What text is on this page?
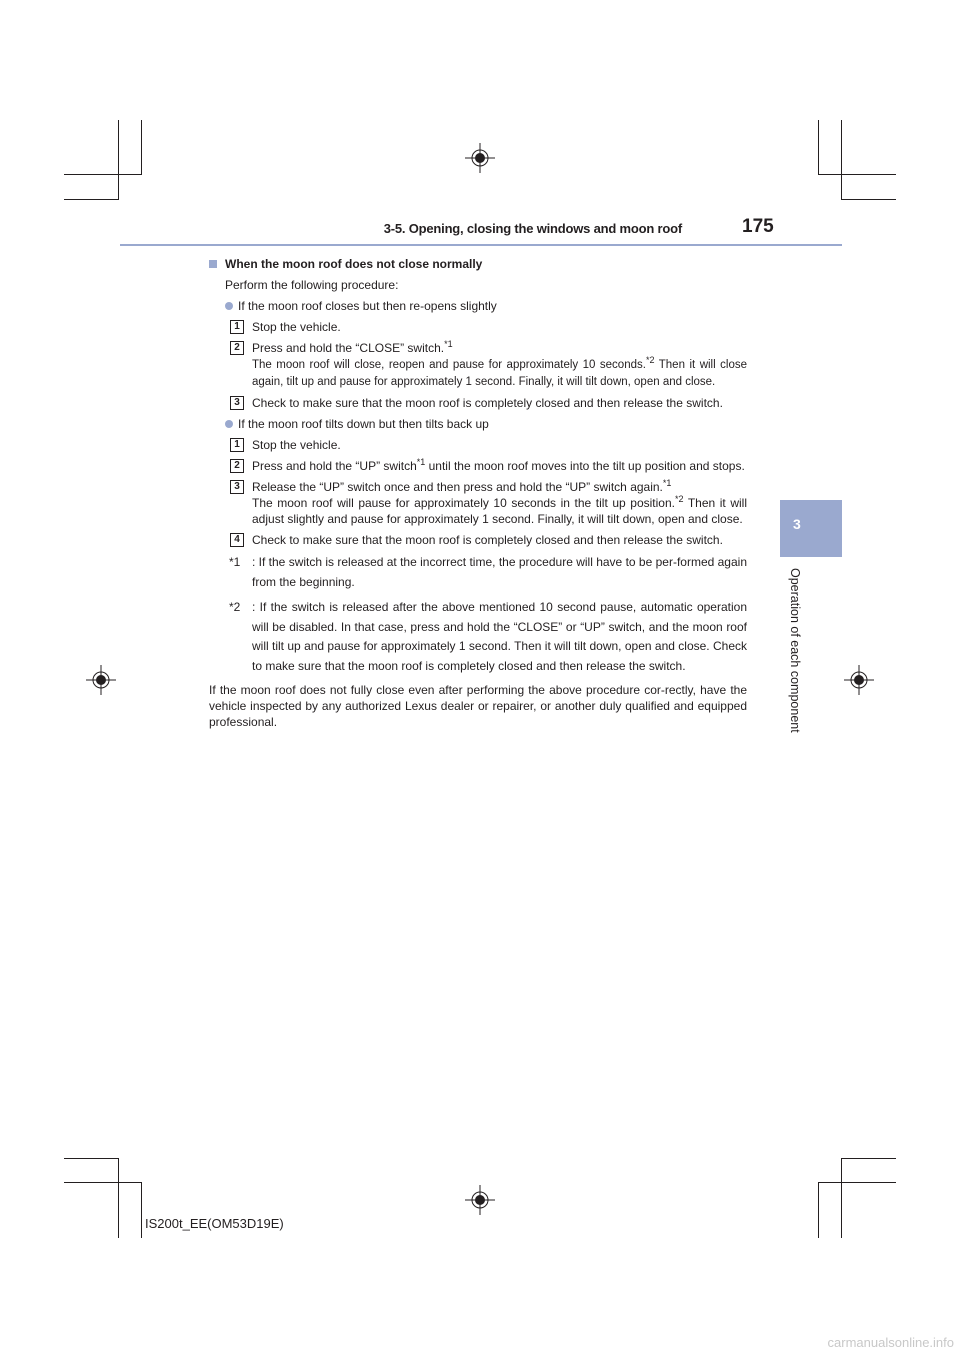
3-5. Opening, closing the windows and moon roof	175
3
Operation of each component
When the moon roof does not close normally
Perform the following procedure:
If the moon roof closes but then re-opens slightly
1	Stop the vehicle.
2	Press and hold the “CLOSE” switch.$^{*1}$
The moon roof will close, reopen and pause for approximately 10 seconds.$^{*2}$ Then it will close again, tilt up and pause for approximately 1 second. Finally, it will tilt down, open and close.
3	Check to make sure that the moon roof is completely closed and then release the switch.
If the moon roof tilts down but then tilts back up
1	Stop the vehicle.
2	Press and hold the “UP” switch$^{*1}$ until the moon roof moves into the tilt up position and stops.
3	Release the “UP” switch once and then press and hold the “UP” switch again.$^{*1}$
The moon roof will pause for approximately 10 seconds in the tilt up position.$^{*2}$ Then it will adjust slightly and pause for approximately 1 second. Finally, it will tilt down, open and close.
4	Check to make sure that the moon roof is completely closed and then release the switch.
*1 : If the switch is released at the incorrect time, the procedure will have to be per-formed again from the beginning.
*2 : If the switch is released after the above mentioned 10 second pause, automatic operation will be disabled. In that case, press and hold the “CLOSE” or “UP” switch, and the moon roof will tilt up and pause for approximately 1 second. Then it will tilt down, open and close. Check to make sure that the moon roof is completely closed and then release the switch.
If the moon roof does not fully close even after performing the above procedure cor-rectly, have the vehicle inspected by any authorized Lexus dealer or repairer, or another duly qualified and equipped professional.
IS200t_EE(OM53D19E)
carmanualsonline.info
